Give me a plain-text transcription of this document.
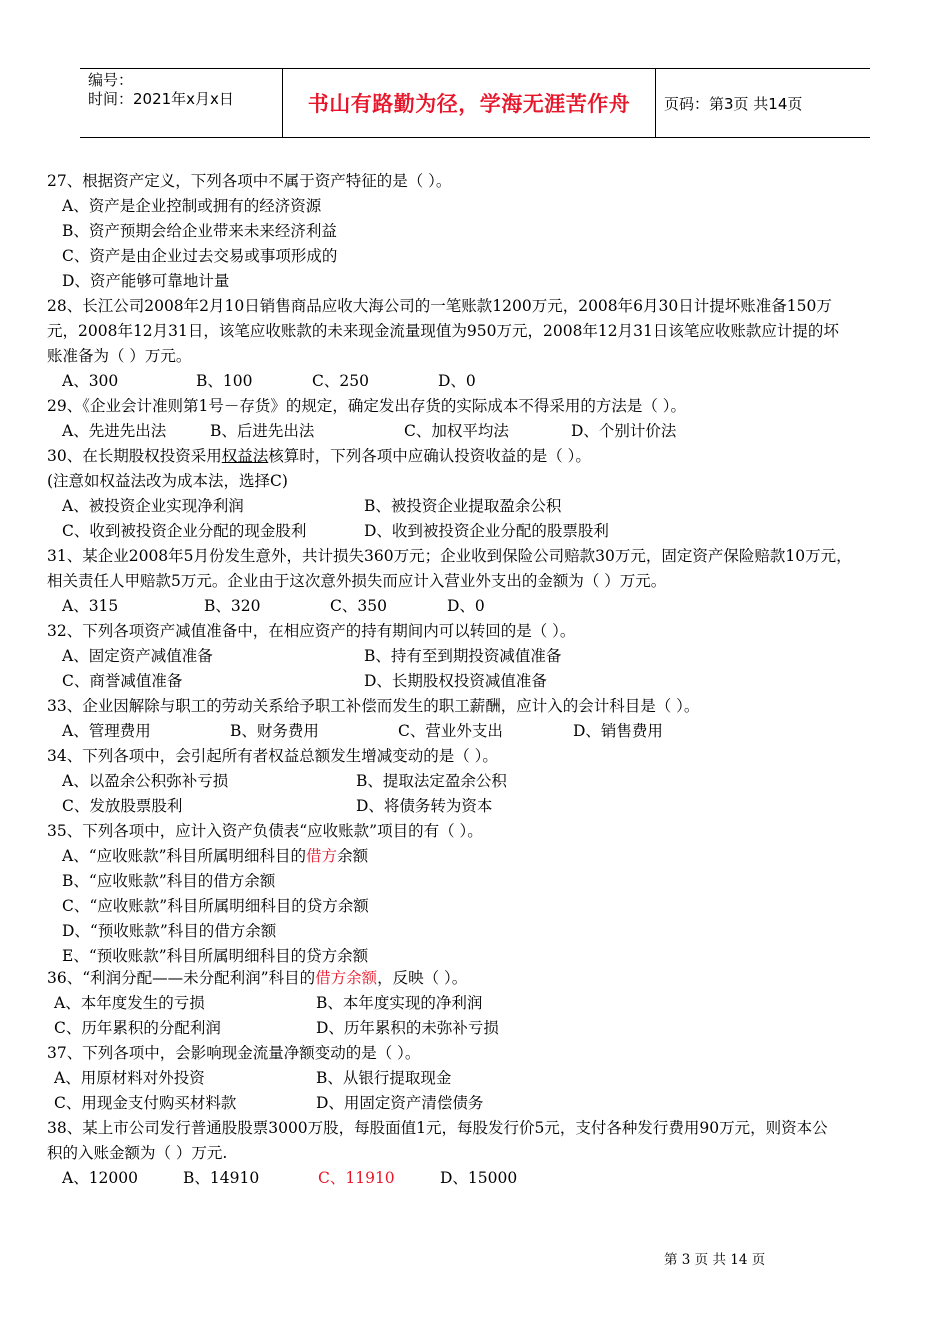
编号：
时间：2021年x月x日	书山有路勤为径，学海无涯苦作舟	页码：第3页 共14页
27、根据资产定义，下列各项中不属于资产特征的是（ ）。
A、资产是企业控制或拥有的经济资源
B、资产预期会给企业带来未来经济利益
C、资产是由企业过去交易或事项形成的
D、资产能够可靠地计量
28、长江公司2008年2月10日销售商品应收大海公司的一笔账款1200万元，2008年6月30日计提坏账准备150万
元，2008年12月31日，该笔应收账款的未来现金流量现值为950万元，2008年12月31日该笔应收账款应计提的坏
账准备为（ ）万元。
A、300	B、100	C、250	D、0
29、《企业会计准则第1号－存货》的规定，确定发出存货的实际成本不得采用的方法是（ ）。
A、先进先出法	B、后进先出法	C、加权平均法	D、个别计价法
30、在长期股权投资采用权益法核算时，下列各项中应确认投资收益的是（ ）。
(注意如权益法改为成本法，选择C)
A、被投资企业实现净利润	B、被投资企业提取盈余公积
C、收到被投资企业分配的现金股利	D、收到被投资企业分配的股票股利
31、某企业2008年5月份发生意外，共计损失360万元；企业收到保险公司赔款30万元，固定资产保险赔款10万元，
相关责任人甲赔款5万元。企业由于这次意外损失而应计入营业外支出的金额为（ ）万元。
A、315	B、320	C、350	D、0
32、下列各项资产减值准备中，在相应资产的持有期间内可以转回的是（ ）。
A、固定资产减值准备	B、持有至到期投资减值准备
C、商誉减值准备	D、长期股权投资减值准备
33、企业因解除与职工的劳动关系给予职工补偿而发生的职工薪酬，应计入的会计科目是（ ）。
A、管理费用	B、财务费用	C、营业外支出	D、销售费用
34、下列各项中，会引起所有者权益总额发生增减变动的是（ ）。
A、以盈余公积弥补亏损	B、提取法定盈余公积
C、发放股票股利	D、将债务转为资本
35、下列各项中，应计入资产负债表“应收账款”项目的有（ ）。
A、“应收账款”科目所属明细科目的借方余额
B、“应收账款”科目的借方余额
C、“应收账款”科目所属明细科目的贷方余额
D、“预收账款”科目的借方余额
E、“预收账款”科目所属明细科目的贷方余额
36、“利润分配——未分配利润”科目的借方余额，反映（ ）。
A、本年度发生的亏损	B、本年度实现的净利润
C、历年累积的分配利润	D、历年累积的未弥补亏损
37、下列各项中，会影响现金流量净额变动的是（ ）。
A、用原材料对外投资	B、从银行提取现金
C、用现金支付购买材料款	D、用固定资产清偿债务
38、某上市公司发行普通股股票3000万股，每股面值1元，每股发行价5元，支付各种发行费用90万元，则资本公
积的入账金额为（ ）万元.
A、12000	B、14910	C、11910	D、15000
第 3 页 共 14 页
